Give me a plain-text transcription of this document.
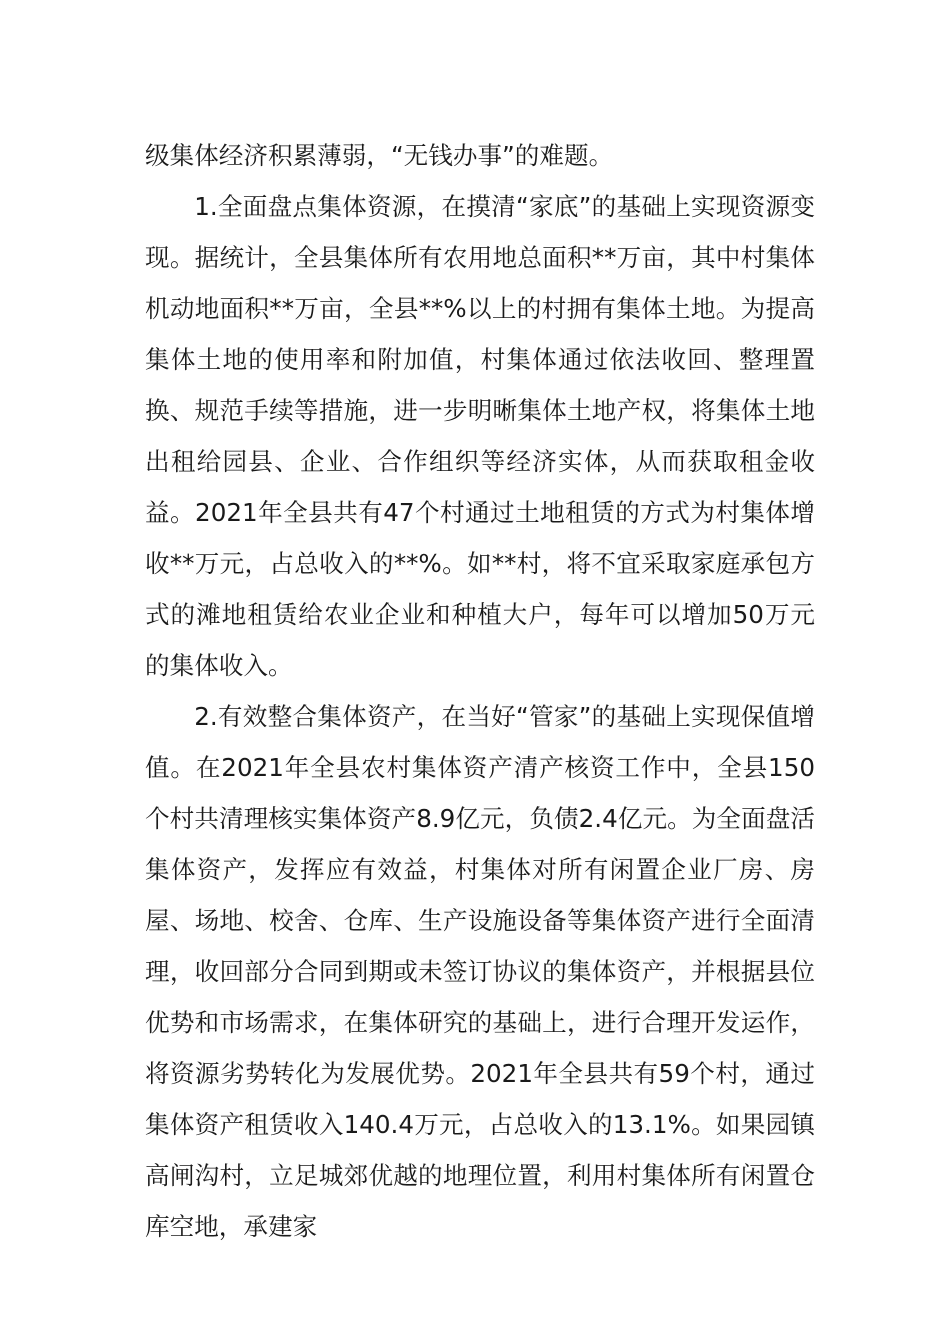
级集体经济积累薄弱，“无钱办事”的难题。

1.全面盘点集体资源，在摸清“家底”的基础上实现资源变现。据统计，全县集体所有农用地总面积**万亩，其中村集体机动地面积**万亩，全县**%以上的村拥有集体土地。为提高集体土地的使用率和附加值，村集体通过依法收回、整理置换、规范手续等措施，进一步明晰集体土地产权，将集体土地出租给园县、企业、合作组织等经济实体，从而获取租金收益。2021年全县共有47个村通过土地租赁的方式为村集体增收**万元，占总收入的**%。如**村，将不宜采取家庭承包方式的滩地租赁给农业企业和种植大户，每年可以增加50万元的集体收入。

2.有效整合集体资产，在当好“管家”的基础上实现保值增值。在2021年全县农村集体资产清产核资工作中，全县150个村共清理核实集体资产8.9亿元，负债2.4亿元。为全面盘活集体资产，发挥应有效益，村集体对所有闲置企业厂房、房屋、场地、校舍、仓库、生产设施设备等集体资产进行全面清理，收回部分合同到期或未签订协议的集体资产，并根据县位优势和市场需求，在集体研究的基础上，进行合理开发运作，将资源劣势转化为发展优势。2021年全县共有59个村，通过集体资产租赁收入140.4万元，占总收入的13.1%。如果园镇高闸沟村，立足城郊优越的地理位置，利用村集体所有闲置仓库空地，承建家
